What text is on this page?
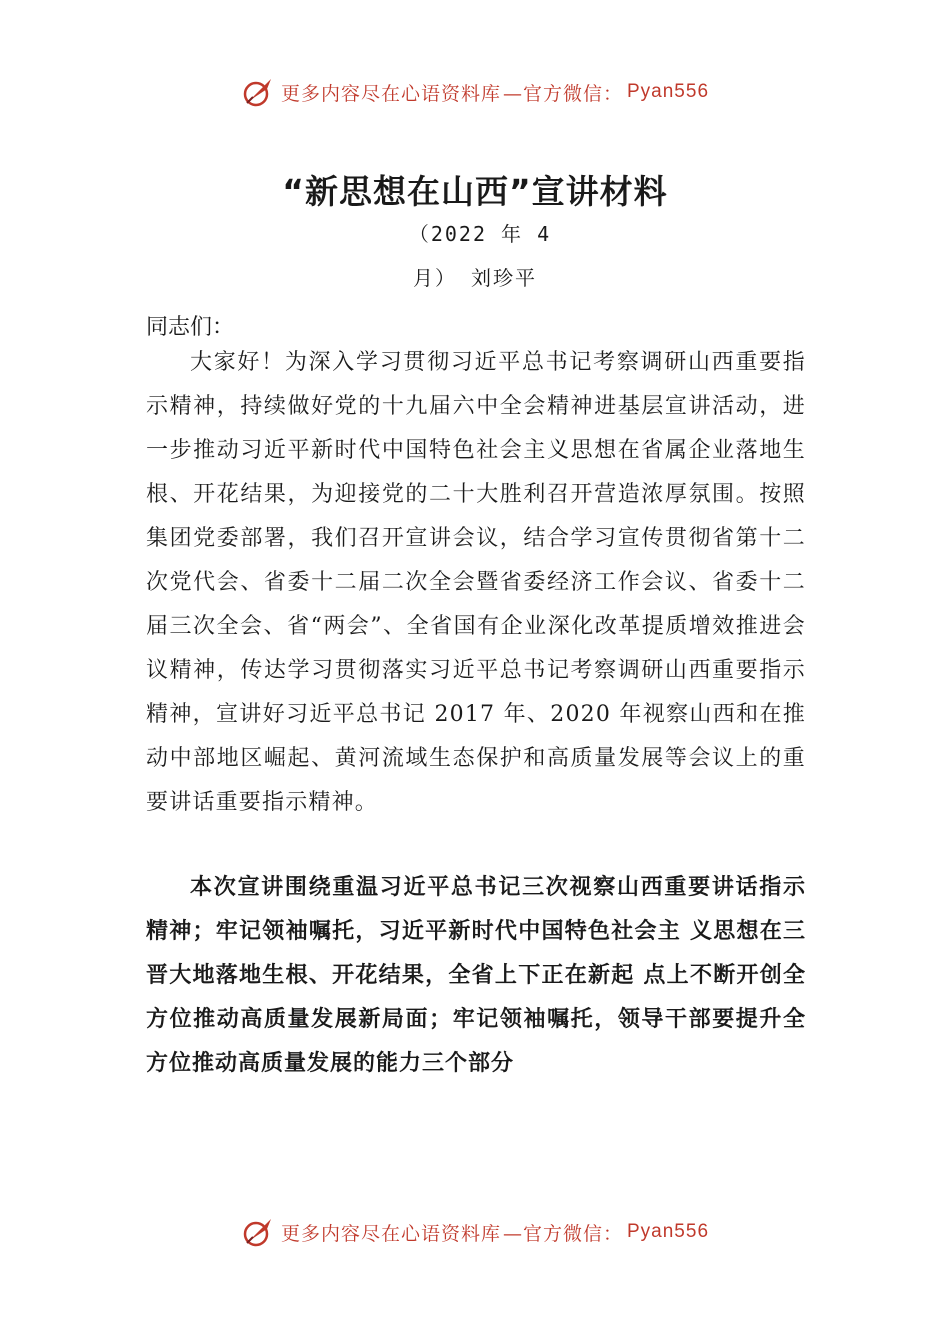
更多内容尽在心语资料库 —官方微信： Pyan556
“新思想在山西”宣讲材料
（2022 年 4
月） 刘珍平
同志们：
大家好！为深入学习贯彻习近平总书记考察调研山西重要指示精神，持续做好党的十九届六中全会精神进基层宣讲活动，进一步推动习近平新时代中国特色社会主义思想在省属企业落地生根、开花结果，为迎接党的二十大胜利召开营造浓厚氛围。按照集团党委部署，我们召开宣讲会议，结合学习宣传贯彻省第十二次党代会、省委十二届二次全会暨省委经济工作会议、省委十二届三次全会、省“两会”、全省国有企业深化改革提质增效推进会议精神，传达学习贯彻落实习近平总书记考察调研山西重要指示精神，宣讲好习近平总书记 2017 年、2020 年视察山西和在推动中部地区崛起、黄河流域生态保护和高质量发展等会议上的重要讲话重要指示精神。
本次宣讲围绕重温习近平总书记三次视察山西重要讲话指示精神；牢记领袖嘱托，习近平新时代中国特色社会主 义思想在三晋大地落地生根、开花结果，全省上下正在新起 点上不断开创全方位推动高质量发展新局面；牢记领袖嘱托，领导干部要提升全方位推动高质量发展的能力三个部分
更多内容尽在心语资料库 —官方微信： Pyan556
